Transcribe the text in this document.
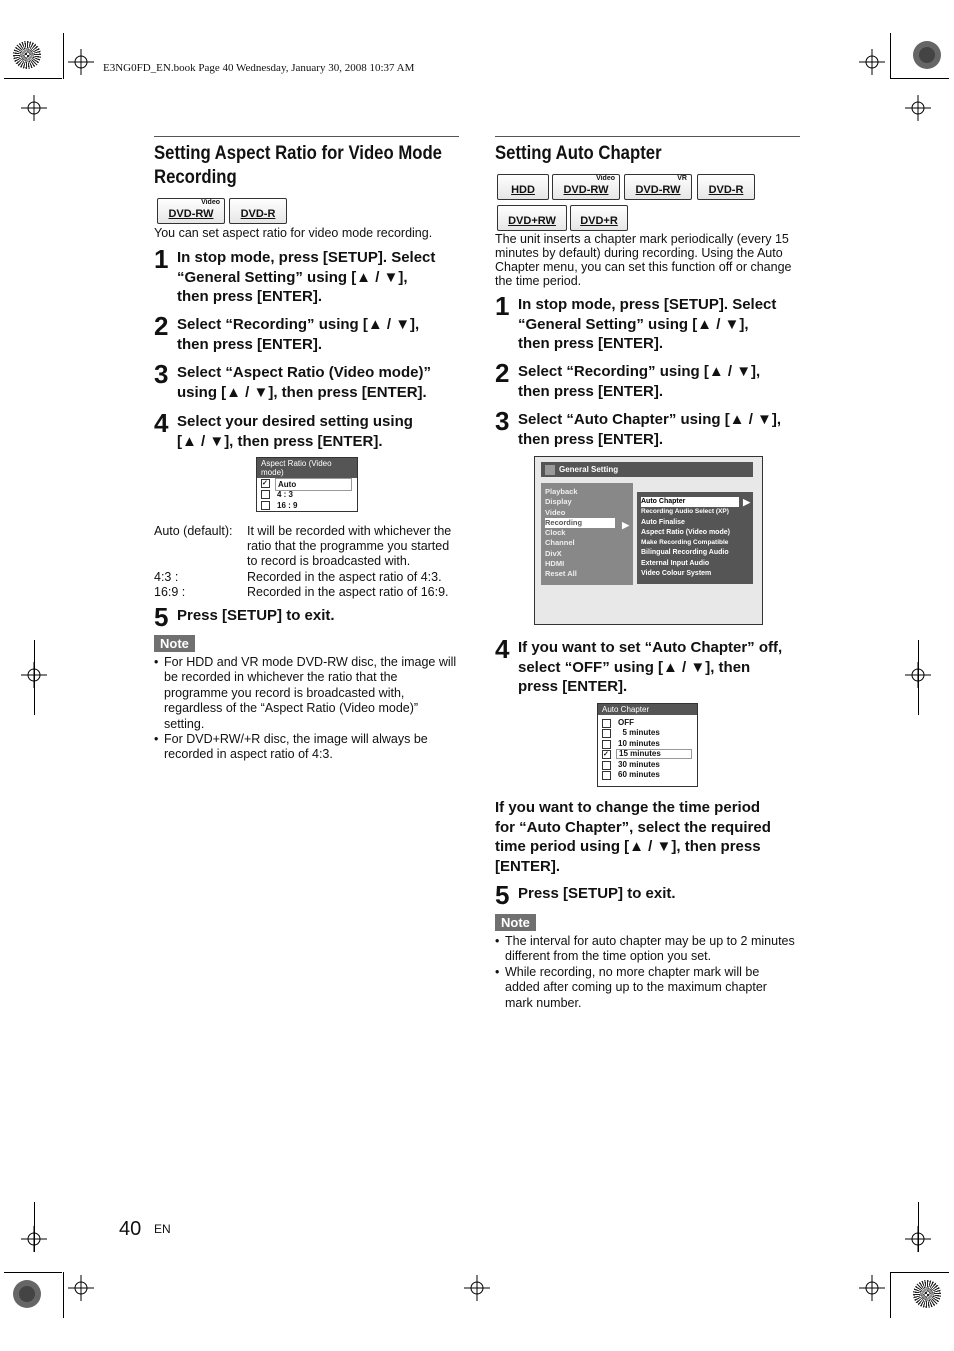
E3NG0FD_EN.book Page 40 Wednesday, January 30, 2008 10:37 AM
Setting Aspect Ratio for Video Mode
Recording
Video
DVD-RW	DVD-R
You can set aspect ratio for video mode recording.
1 In stop mode, press [SETUP]. Select
“General Setting” using [▲ / ▼],
then press [ENTER].
2 Select “Recording” using [▲ / ▼],
then press [ENTER].
3 Select “Aspect Ratio (Video mode)”
using [▲ / ▼], then press [ENTER].
4 Select your desired setting using
[▲ / ▼], then press [ENTER].
Aspect Ratio (Video mode)
✓	Auto
4 : 3
16 : 9
Auto (default): It will be recorded with whichever the
ratio that the programme you started
to record is broadcasted with.
4:3 :	Recorded in the aspect ratio of 4:3.
16:9 :	Recorded in the aspect ratio of 16:9.
5 Press [SETUP] to exit.
Note
• For HDD and VR mode DVD-RW disc, the image will
be recorded in whichever the ratio that the
programme you record is broadcasted with,
regardless of the “Aspect Ratio (Video mode)”
setting.
• For DVD+RW/+R disc, the image will always be
recorded in aspect ratio of 4:3.
Setting Auto Chapter
HDD
Video
DVD-RW
VR
DVD-RW	DVD-R
DVD+RW	DVD+R
The unit inserts a chapter mark periodically (every 15
minutes by default) during recording. Using the Auto
Chapter menu, you can set this function off or change
the time period.
1 In stop mode, press [SETUP]. Select
“General Setting” using [▲ / ▼],
then press [ENTER].
2 Select “Recording” using [▲ / ▼],
then press [ENTER].
3 Select “Auto Chapter” using [▲ / ▼],
then press [ENTER].
General Setting
Playback
Display
Video
Recording
Clock
Channel
DivX
HDMI
Reset All
▶
Auto Chapter
Recording Audio Select (XP)
Auto Finalise
Aspect Ratio (Video mode)
Make Recording Compatible
Bilingual Recording Audio
External Input Audio
Video Colour System
▶
4 If you want to set “Auto Chapter” off,
select “OFF” using [▲ / ▼], then
press [ENTER].
Auto Chapter
OFF
5 minutes
10 minutes
✓	15 minutes
30 minutes
60 minutes
If you want to change the time period
for “Auto Chapter”, select the required
time period using [▲ / ▼], then press
[ENTER].
5 Press [SETUP] to exit.
Note
• The interval for auto chapter may be up to 2 minutes
different from the time option you set.
• While recording, no more chapter mark will be
added after coming up to the maximum chapter
mark number.
40 EN
